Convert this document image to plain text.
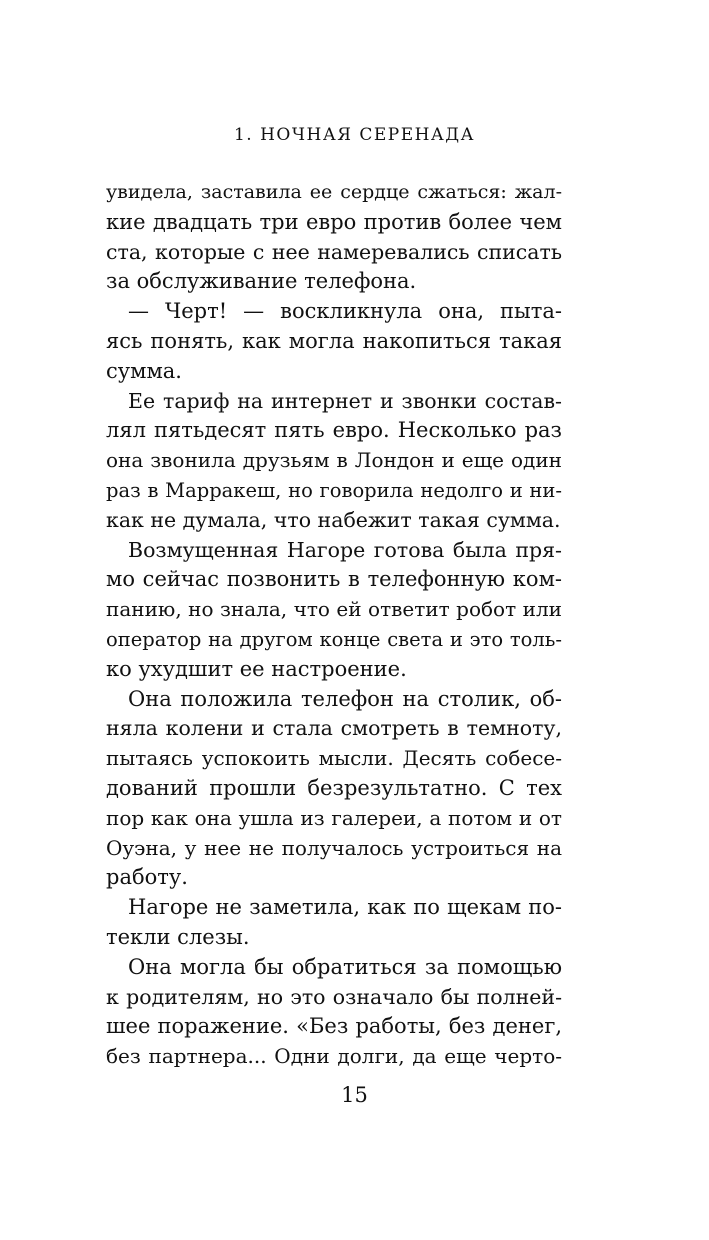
1. НОЧНАЯ СЕРЕНАДА
увидела, заставила ее сердце сжаться: жал-
кие двадцать три евро против более чем
ста, которые с нее намеревались списать
за обслуживание телефона.
— Черт! — воскликнула она, пыта-
ясь понять, как могла накопиться такая
сумма.
Ее тариф на интернет и звонки состав-
лял пятьдесят пять евро. Несколько раз
она звонила друзьям в Лондон и еще один
раз в Марракеш, но говорила недолго и ни-
как не думала, что набежит такая сумма.
Возмущенная Нагоре готова была пря-
мо сейчас позвонить в телефонную ком-
панию, но знала, что ей ответит робот или
оператор на другом конце света и это толь-
ко ухудшит ее настроение.
Она положила телефон на столик, об-
няла колени и стала смотреть в темноту,
пытаясь успокоить мысли. Десять собесе-
дований прошли безрезультатно. С тех
пор как она ушла из галереи, а потом и от
Оуэна, у нее не получалось устроиться на
работу.
Нагоре не заметила, как по щекам по-
текли слезы.
Она могла бы обратиться за помощью
к родителям, но это означало бы полней-
шее поражение. «Без работы, без денег,
без партнера... Одни долги, да еще черто-
15
